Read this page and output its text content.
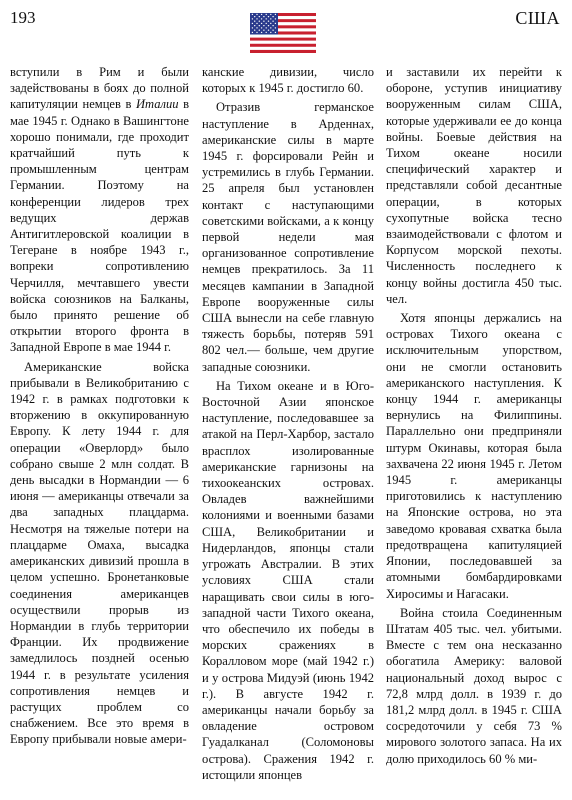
193	США

вступили в Рим и были задействованы в боях до полной капитуляции немцев в Италии в мае 1945 г. Однако в Вашингтоне хорошо понимали, где проходит кратчайший путь к промышленным центрам Германии. Поэтому на конференции лидеров трех ведущих держав Антигитлеровской коалиции в Тегеране в ноябре 1943 г., вопреки сопротивлению Черчилля, мечтавшего увести войска союзников на Балканы, было принято решение об открытии второго фронта в Западной Европе в мае 1944 г.

Американские войска прибывали в Великобританию с 1942 г. в рамках подготовки к вторжению в оккупированную Европу. К лету 1944 г. для операции «Оверлорд» было собрано свыше 2 млн солдат. В день высадки в Нормандии — 6 июня — американцы отвечали за два западных плацдарма. Несмотря на тяжелые потери на плацдарме Омаха, высадка американских дивизий прошла в целом успешно. Бронетанковые соединения американцев осуществили прорыв из Нормандии в глубь территории Франции. Их продвижение замедлилось поздней осенью 1944 г. в результате усиления сопротивления немцев и растущих проблем со снабжением. Все это время в Европу прибывали новые амери-

канские дивизии, число которых к 1945 г. достигло 60.

Отразив германское наступление в Арденнах, американские силы в марте 1945 г. форсировали Рейн и устремились в глубь Германии. 25 апреля был установлен контакт с наступающими советскими войсками, а к концу первой недели мая организованное сопротивление немцев прекратилось. За 11 месяцев кампании в Западной Европе вооруженные силы США вынесли на себе главную тяжесть борьбы, потеряв 591 802 чел.— больше, чем другие западные союзники.

На Тихом океане и в Юго-Восточной Азии японское наступление, последовавшее за атакой на Перл-Харбор, застало врасплох изолированные американские гарнизоны на тихоокеанских островах. Овладев важнейшими колониями и военными базами США, Великобритании и Нидерландов, японцы стали угрожать Австралии. В этих условиях США стали наращивать свои силы в юго-западной части Тихого океана, что обеспечило их победы в морских сражениях в Коралловом море (май 1942 г.) и у острова Мидуэй (июнь 1942 г.). В августе 1942 г. американцы начали борьбу за овладение островом Гуадалканал (Соломоновы острова). Сражения 1942 г. истощили японцев

и заставили их перейти к обороне, уступив инициативу вооруженным силам США, которые удерживали ее до конца войны. Боевые действия на Тихом океане носили специфический характер и представляли собой десантные операции, в которых сухопутные войска тесно взаимодействовали с флотом и Корпусом морской пехоты. Численность последнего к концу войны достигла 450 тыс. чел.

Хотя японцы держались на островах Тихого океана с исключительным упорством, они не смогли остановить американского наступления. К концу 1944 г. американцы вернулись на Филиппины. Параллельно они предприняли штурм Окинавы, которая была захвачена 22 июня 1945 г. Летом 1945 г. американцы приготовились к наступлению на Японские острова, но эта заведомо кровавая схватка была предотвращена капитуляцией Японии, последовавшей за атомными бомбардировками Хиросимы и Нагасаки.

Война стоила Соединенным Штатам 405 тыс. чел. убитыми. Вместе с тем она несказанно обогатила Америку: валовой национальный доход вырос с 72,8 млрд долл. в 1939 г. до 181,2 млрд долл. в 1945 г. США сосредоточили у себя 73 % мирового золотого запаса. На их долю приходилось 60 % ми-
